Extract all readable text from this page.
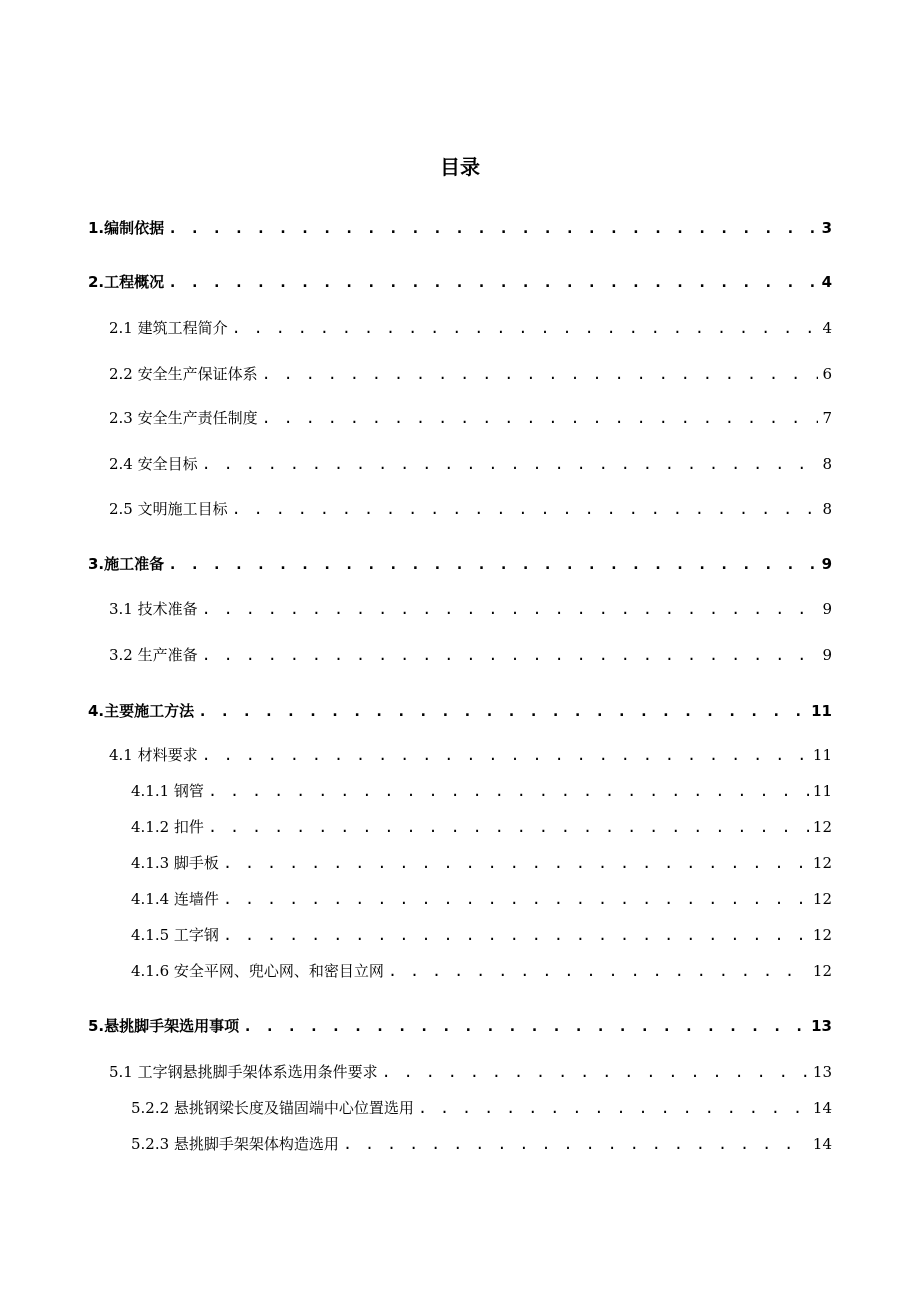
目录
1.编制依据 . . .	3
2.工程概况 . . .	4
2.1 建筑工程简介 . . .	4
2.2 安全生产保证体系 . . .	6
2.3 安全生产责任制度 . . .	7
2.4 安全目标 . . .	8
2.5 文明施工目标 . . .	8
3.施工准备 . . .	9
3.1 技术准备 . . .	9
3.2 生产准备 . . .	9
4.主要施工方法 . . .	11
4.1 材料要求 . . .	11
4.1.1 钢管 . . .	11
4.1.2 扣件 . . .	12
4.1.3 脚手板 . . .	12
4.1.4 连墙件 . . .	12
4.1.5 工字钢 . . .	12
4.1.6 安全平网、兜心网、和密目立网 . . .	12
5.悬挑脚手架选用事项 . . .	13
5.1 工字钢悬挑脚手架体系选用条件要求 . . .	13
5.2.2 悬挑钢梁长度及锚固端中心位置选用 . . .	14
5.2.3 悬挑脚手架架体构造选用 . . .	14
